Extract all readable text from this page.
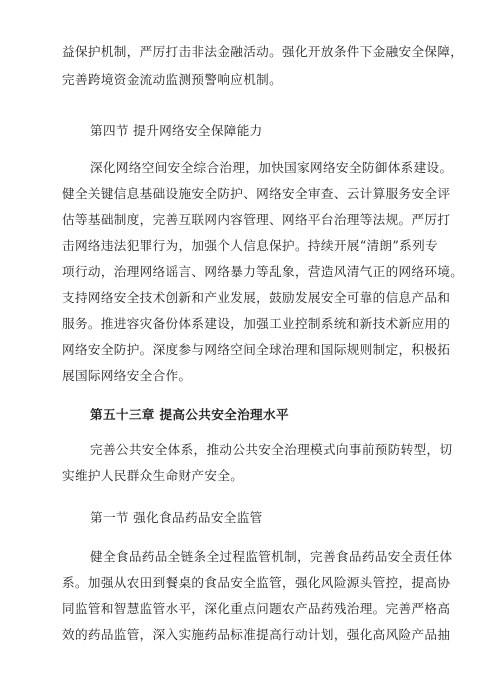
益保护机制，严厉打击非法金融活动。强化开放条件下金融安全保障，
完善跨境资金流动监测预警响应机制。
第四节 提升网络安全保障能力
深化网络空间安全综合治理，加快国家网络安全防御体系建设。
健全关键信息基础设施安全防护、网络安全审查、云计算服务安全评
估等基础制度，完善互联网内容管理、网络平台治理等法规。严厉打
击网络违法犯罪行为，加强个人信息保护。持续开展“清朗”系列专
项行动，治理网络谣言、网络暴力等乱象，营造风清气正的网络环境。
支持网络安全技术创新和产业发展，鼓励发展安全可靠的信息产品和
服务。推进容灾备份体系建设，加强工业控制系统和新技术新应用的
网络安全防护。深度参与网络空间全球治理和国际规则制定，积极拓
展国际网络安全合作。
第五十三章 提高公共安全治理水平
完善公共安全体系，推动公共安全治理模式向事前预防转型，切
实维护人民群众生命财产安全。
第一节 强化食品药品安全监管
健全食品药品全链条全过程监管机制，完善食品药品安全责任体
系。加强从农田到餐桌的食品安全监管，强化风险源头管控，提高协
同监管和智慧监管水平，深化重点问题农产品药残治理。完善严格高
效的药品监管，深入实施药品标准提高行动计划，强化高风险产品抽
